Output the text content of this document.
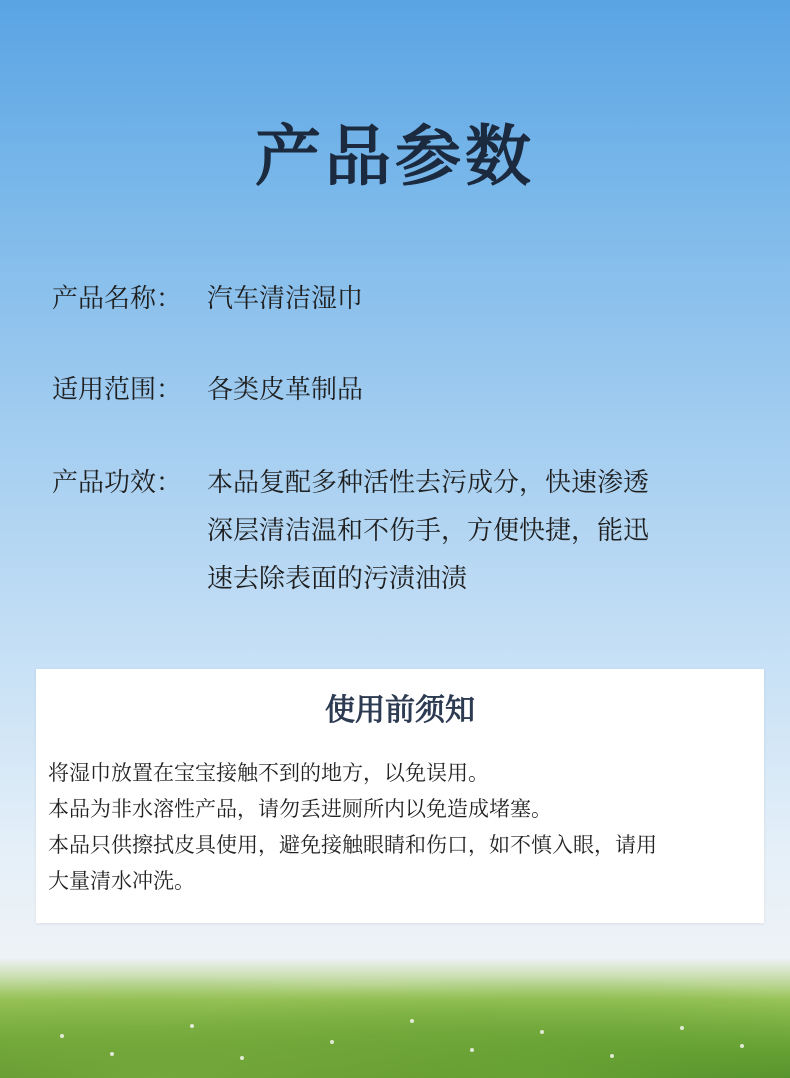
产品参数
产品名称： 汽车清洁湿巾
适用范围： 各类皮革制品
产品功效： 本品复配多种活性去污成分，快速渗透
深层清洁温和不伤手，方便快捷，能迅
速去除表面的污渍油渍
使用前须知
将湿巾放置在宝宝接触不到的地方，以免误用。
本品为非水溶性产品，请勿丢进厕所内以免造成堵塞。
本品只供擦拭皮具使用，避免接触眼睛和伤口，如不慎入眼，请用
大量清水冲洗。
